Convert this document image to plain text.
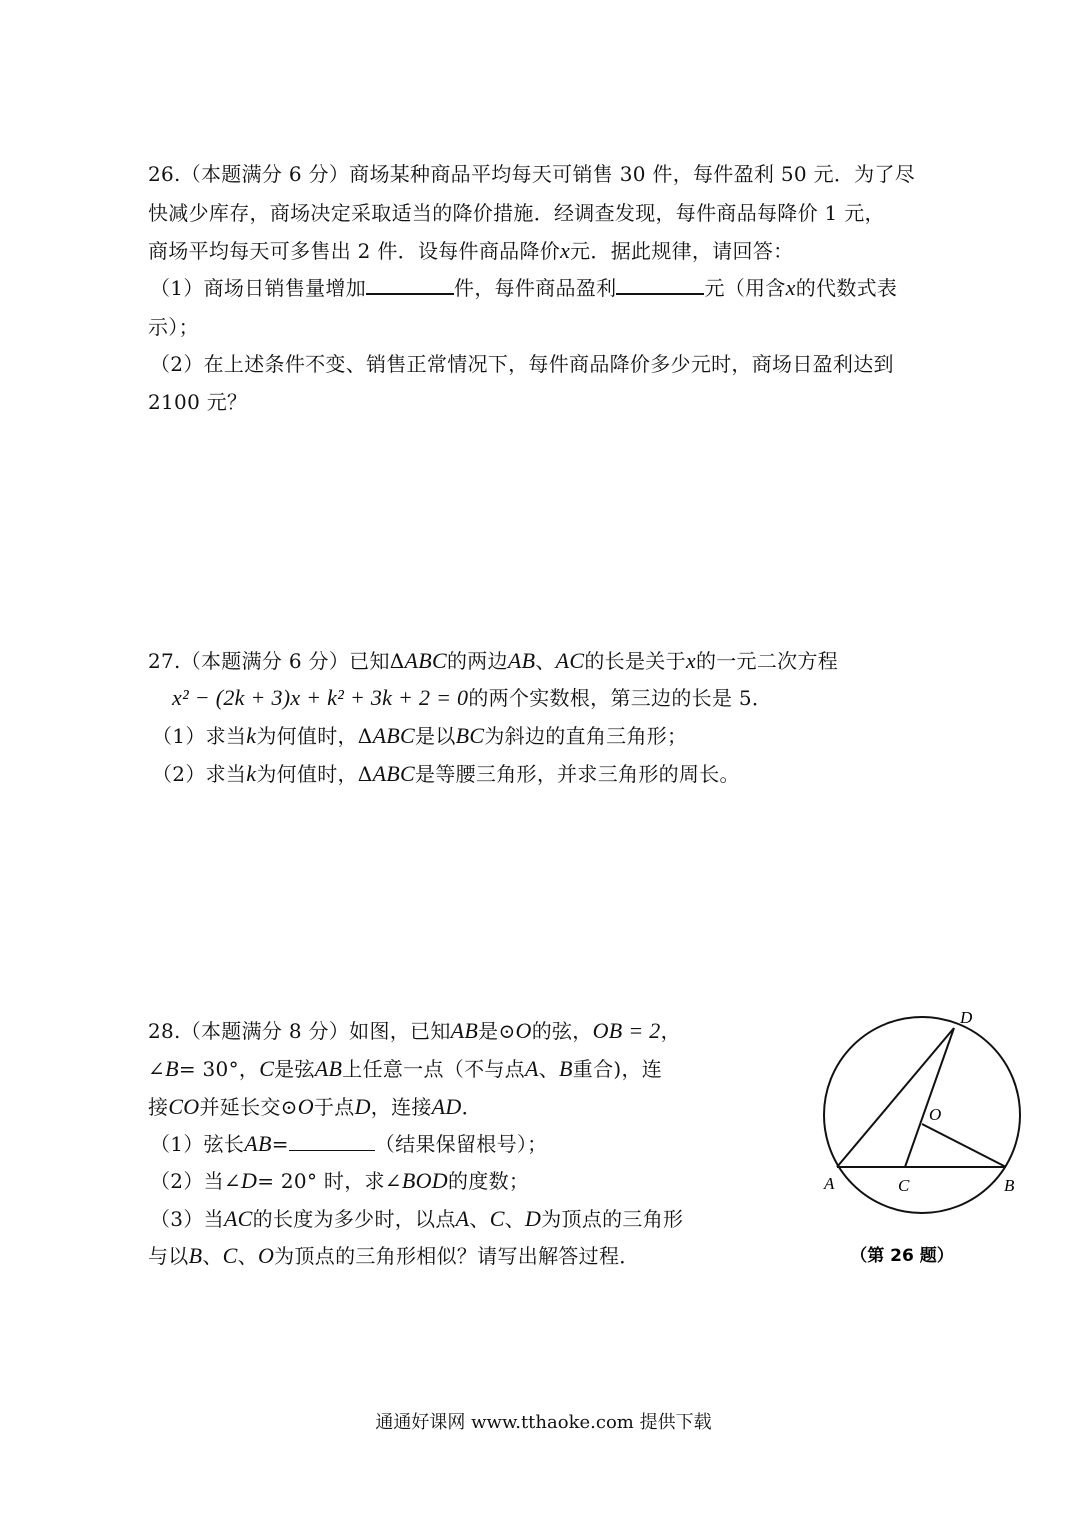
26.（本题满分 6 分）商场某种商品平均每天可销售 30 件，每件盈利 50 元．为了尽
快减少库存，商场决定采取适当的降价措施．经调查发现，每件商品每降价 1 元，
商场平均每天可多售出 2 件．设每件商品降价x元．据此规律，请回答：
（1）商场日销售量增加	件，每件商品盈利	元（用含x的代数式表
示）；
（2）在上述条件不变、销售正常情况下，每件商品降价多少元时，商场日盈利达到
2100 元？
27.（本题满分 6 分）已知ΔABC的两边AB、AC的长是关于x的一元二次方程
x² − (2k + 3)x + k² + 3k + 2 = 0的两个实数根，第三边的长是 5．
（1）求当k为何值时，ΔABC是以BC为斜边的直角三角形；
（2）求当k为何值时，ΔABC是等腰三角形，并求三角形的周长。
28.（本题满分 8 分）如图，已知AB是⊙O的弦，OB = 2，
∠B= 30°，C是弦AB上任意一点（不与点A、B重合)，连
接CO并延长交⊙O于点D，连接AD．
（1）弦长AB=	（结果保留根号）；
（2）当∠D= 20° 时，求∠BOD的度数；
（3）当AC的长度为多少时，以点A、C、D为顶点的三角形
与以B、C、O为顶点的三角形相似？请写出解答过程．
A	B
C
D
O
（第 26 题）
通通好课网 www.tthaoke.com 提供下载
